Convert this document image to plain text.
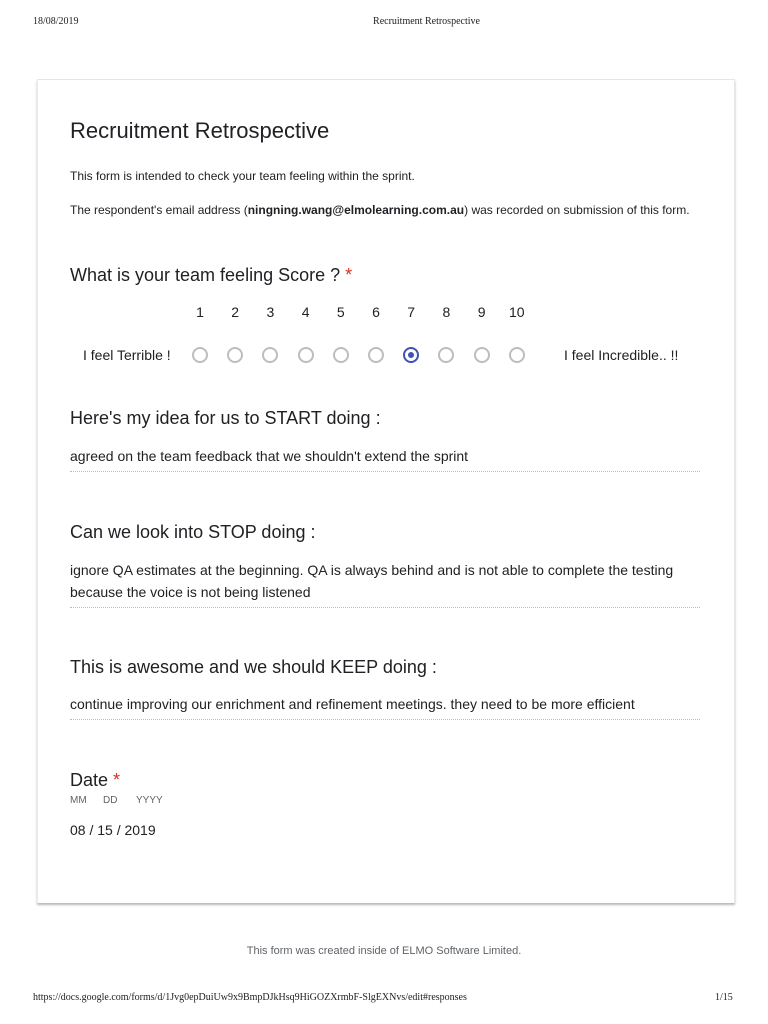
18/08/2019	Recruitment Retrospective
Recruitment Retrospective
This form is intended to check your team feeling within the sprint.
The respondent's email address (ningning.wang@elmolearning.com.au) was recorded on submission of this form.
What is your team feeling Score ? *
1	2	3	4	5	6	7	8	9	10
I feel Terrible !	I feel Incredible.. !!
Here's my idea for us to START doing :
agreed on the team feedback that we shouldn't extend the sprint
Can we look into STOP doing :
ignore QA estimates at the beginning. QA is always behind and is not able to complete the testing because the voice is not being listened
This is awesome and we should KEEP doing :
continue improving our enrichment and refinement meetings. they need to be more efficient
Date *
MM DD YYYY
08 / 15 / 2019
This form was created inside of ELMO Software Limited.
https://docs.google.com/forms/d/1Jvg0epDuiUw9x9BmpDJkHsq9HiGOZXrmbF-SlgEXNvs/edit#responses	1/15
